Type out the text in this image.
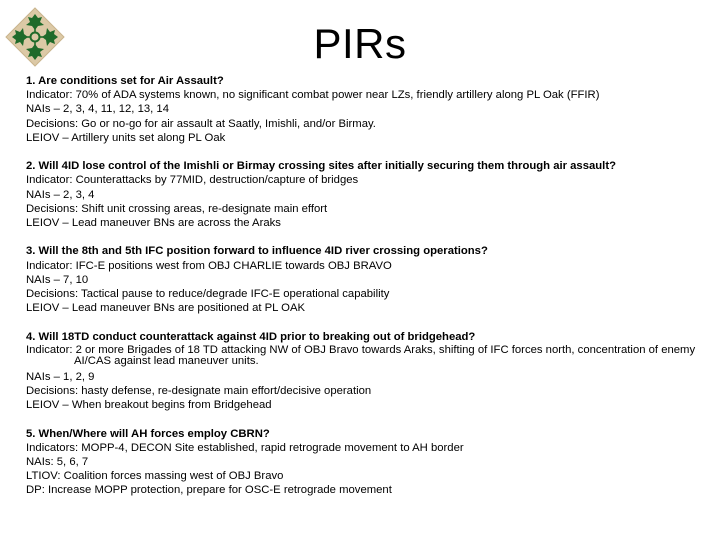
PIRs
1. Are conditions set for Air Assault?
Indicator: 70% of ADA systems known, no significant combat power near LZs, friendly artillery along PL Oak (FFIR)
NAIs – 2, 3, 4, 11, 12, 13, 14
Decisions: Go or no-go for air assault at Saatly, Imishli, and/or Birmay.
LEIOV – Artillery units set along PL Oak
2. Will 4ID lose control of the Imishli or Birmay crossing sites after initially securing them through air assault?
Indicator: Counterattacks by 77MID, destruction/capture of bridges
NAIs – 2, 3, 4
Decisions: Shift unit crossing areas, re-designate main effort
LEIOV – Lead maneuver BNs are across the Araks
3. Will the 8th and 5th IFC position forward to influence 4ID river crossing operations?
Indicator: IFC-E positions west from OBJ CHARLIE towards OBJ BRAVO
NAIs – 7, 10
Decisions: Tactical pause to reduce/degrade IFC-E operational capability
LEIOV – Lead maneuver BNs are positioned at PL OAK
4. Will 18TD conduct counterattack against 4ID prior to breaking out of bridgehead?
Indicator: 2 or more Brigades of 18 TD attacking NW of OBJ Bravo towards Araks, shifting of IFC forces north, concentration of enemy AI/CAS against lead maneuver units.
NAIs – 1, 2, 9
Decisions: hasty defense, re-designate main effort/decisive operation
LEIOV – When breakout begins from Bridgehead
5. When/Where will AH forces employ CBRN?
Indicators: MOPP-4, DECON Site established, rapid retrograde movement to AH border
NAIs: 5, 6, 7
LTIOV: Coalition forces massing west of OBJ Bravo
DP: Increase MOPP protection, prepare for OSC-E retrograde movement
